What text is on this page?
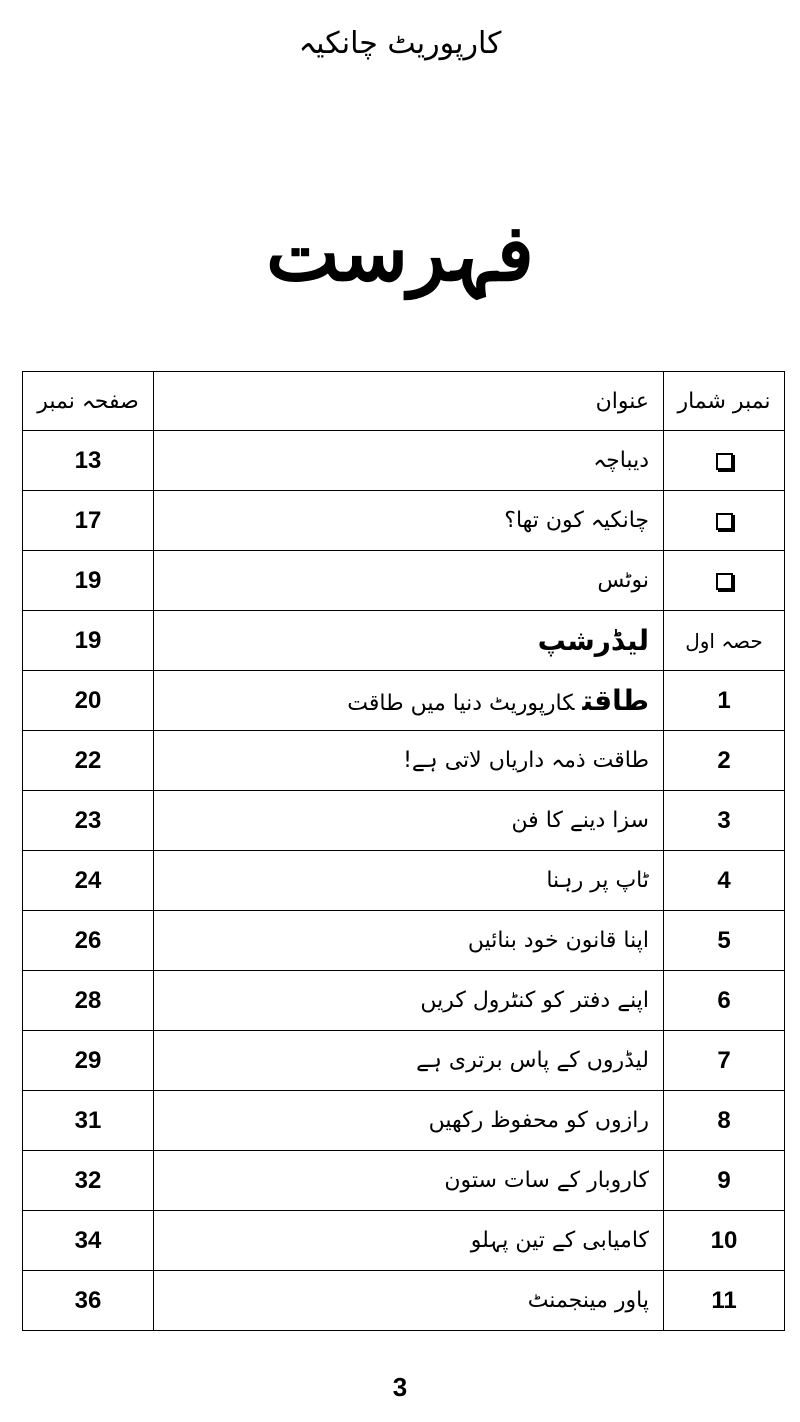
کارپوریٹ چانکیہ
فہرست
نمبر شمار	عنوان	صفحہ نمبر
	دیباچہ	13
	چانکیہ کون تھا؟	17
	نوٹس	19
حصہ اول	لیڈرشپ	19
1	طاقتکارپوریٹ دنیا میں طاقت	20
2	طاقت ذمہ داریاں لاتی ہے!	22
3	سزا دینے کا فن	23
4	ٹاپ پر رہنا	24
5	اپنا قانون خود بنائیں	26
6	اپنے دفتر کو کنٹرول کریں	28
7	لیڈروں کے پاس برتری ہے	29
8	رازوں کو محفوظ رکھیں	31
9	کاروبار کے سات ستون	32
10	کامیابی کے تین پہلو	34
11	پاور مینجمنٹ	36
3
